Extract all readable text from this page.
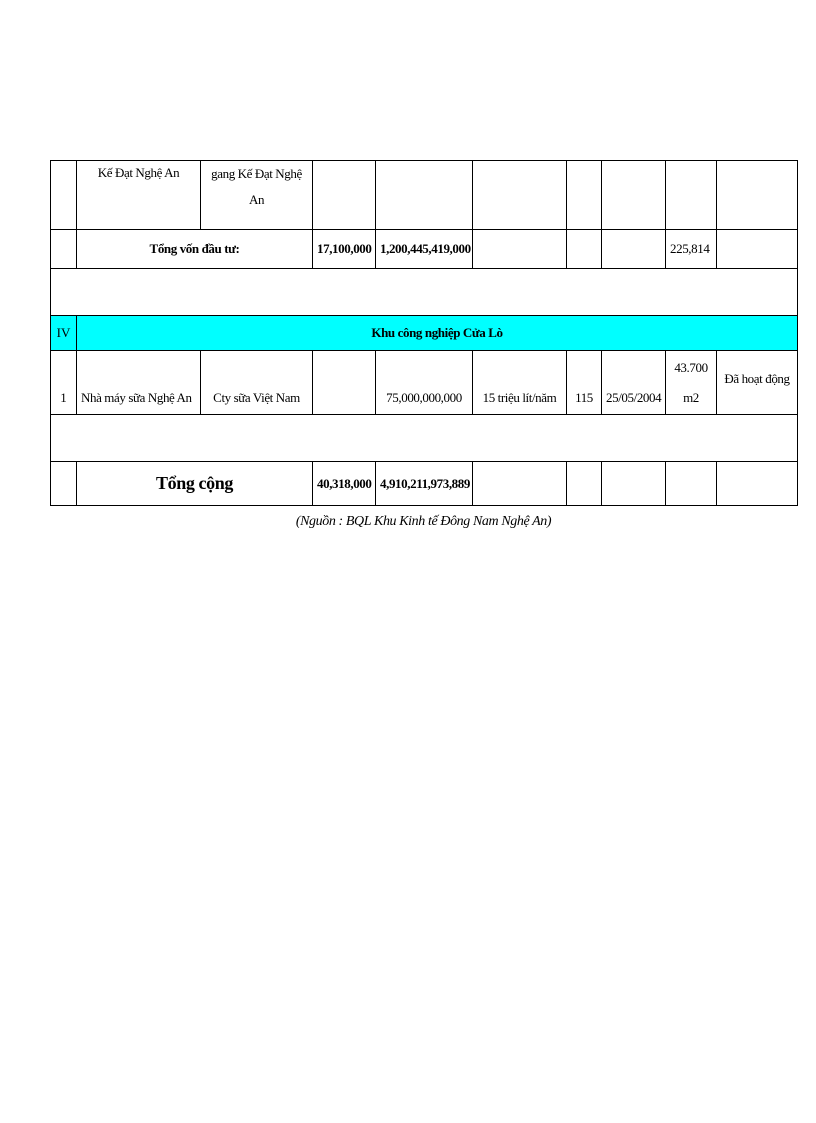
	Kế Đạt Nghệ An	gang Kế Đạt Nghệ An							
	Tổng vốn đầu tư:		17,100,000	1,200,445,419,000				225,814	

IV	Khu công nghiệp Cửa Lò								
1	Nhà máy sữa Nghệ An	Cty sữa Việt Nam		75,000,000,000	15 triệu lít/năm	115	25/05/2004	43.700 m2	Đã hoạt động

	Tổng cộng		40,318,000	4,910,211,973,889					
(Nguồn : BQL Khu Kinh tế Đông Nam Nghệ An)
